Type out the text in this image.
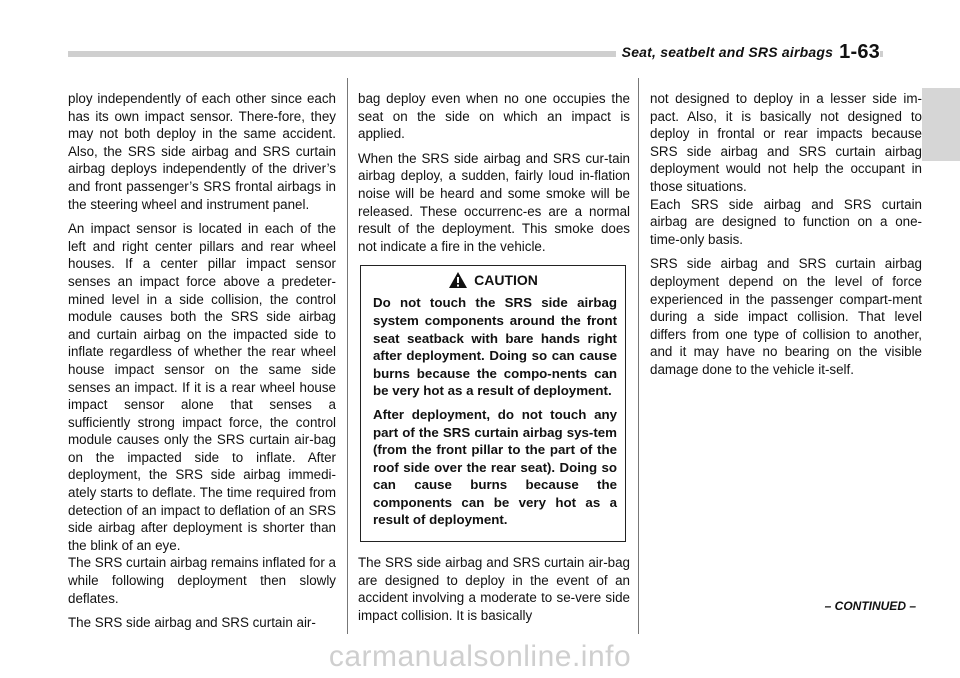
Seat, seatbelt and SRS airbags 1-63

ploy independently of each other since each has its own impact sensor. There-fore, they may not both deploy in the same accident. Also, the SRS side airbag and SRS curtain airbag deploys independently of the driver’s and front passenger’s SRS frontal airbags in the steering wheel and instrument panel.

An impact sensor is located in each of the left and right center pillars and rear wheel houses. If a center pillar impact sensor senses an impact force above a predeter-mined level in a side collision, the control module causes both the SRS side airbag and curtain airbag on the impacted side to inflate regardless of whether the rear wheel house impact sensor on the same side senses an impact. If it is a rear wheel house impact sensor alone that senses a sufficiently strong impact force, the control module causes only the SRS curtain air-bag on the impacted side to inflate. After deployment, the SRS side airbag immedi-ately starts to deflate. The time required from detection of an impact to deflation of an SRS side airbag after deployment is shorter than the blink of an eye.

The SRS curtain airbag remains inflated for a while following deployment then slowly deflates.

The SRS side airbag and SRS curtain air-

bag deploy even when no one occupies the seat on the side on which an impact is applied.

When the SRS side airbag and SRS cur-tain airbag deploy, a sudden, fairly loud in-flation noise will be heard and some smoke will be released. These occurrenc-es are a normal result of the deployment. This smoke does not indicate a fire in the vehicle.

CAUTION

Do not touch the SRS side airbag system components around the front seat seatback with bare hands right after deployment. Doing so can cause burns because the compo-nents can be very hot as a result of deployment.

After deployment, do not touch any part of the SRS curtain airbag sys-tem (from the front pillar to the part of the roof side over the rear seat). Doing so can cause burns because the components can be very hot as a result of deployment.

The SRS side airbag and SRS curtain air-bag are designed to deploy in the event of an accident involving a moderate to se-vere side impact collision. It is basically

not designed to deploy in a lesser side im-pact. Also, it is basically not designed to deploy in frontal or rear impacts because SRS side airbag and SRS curtain airbag deployment would not help the occupant in those situations.

Each SRS side airbag and SRS curtain airbag are designed to function on a one-time-only basis.

SRS side airbag and SRS curtain airbag deployment depend on the level of force experienced in the passenger compart-ment during a side impact collision. That level differs from one type of collision to another, and it may have no bearing on the visible damage done to the vehicle it-self.

– CONTINUED –
carmanualsonline.info
